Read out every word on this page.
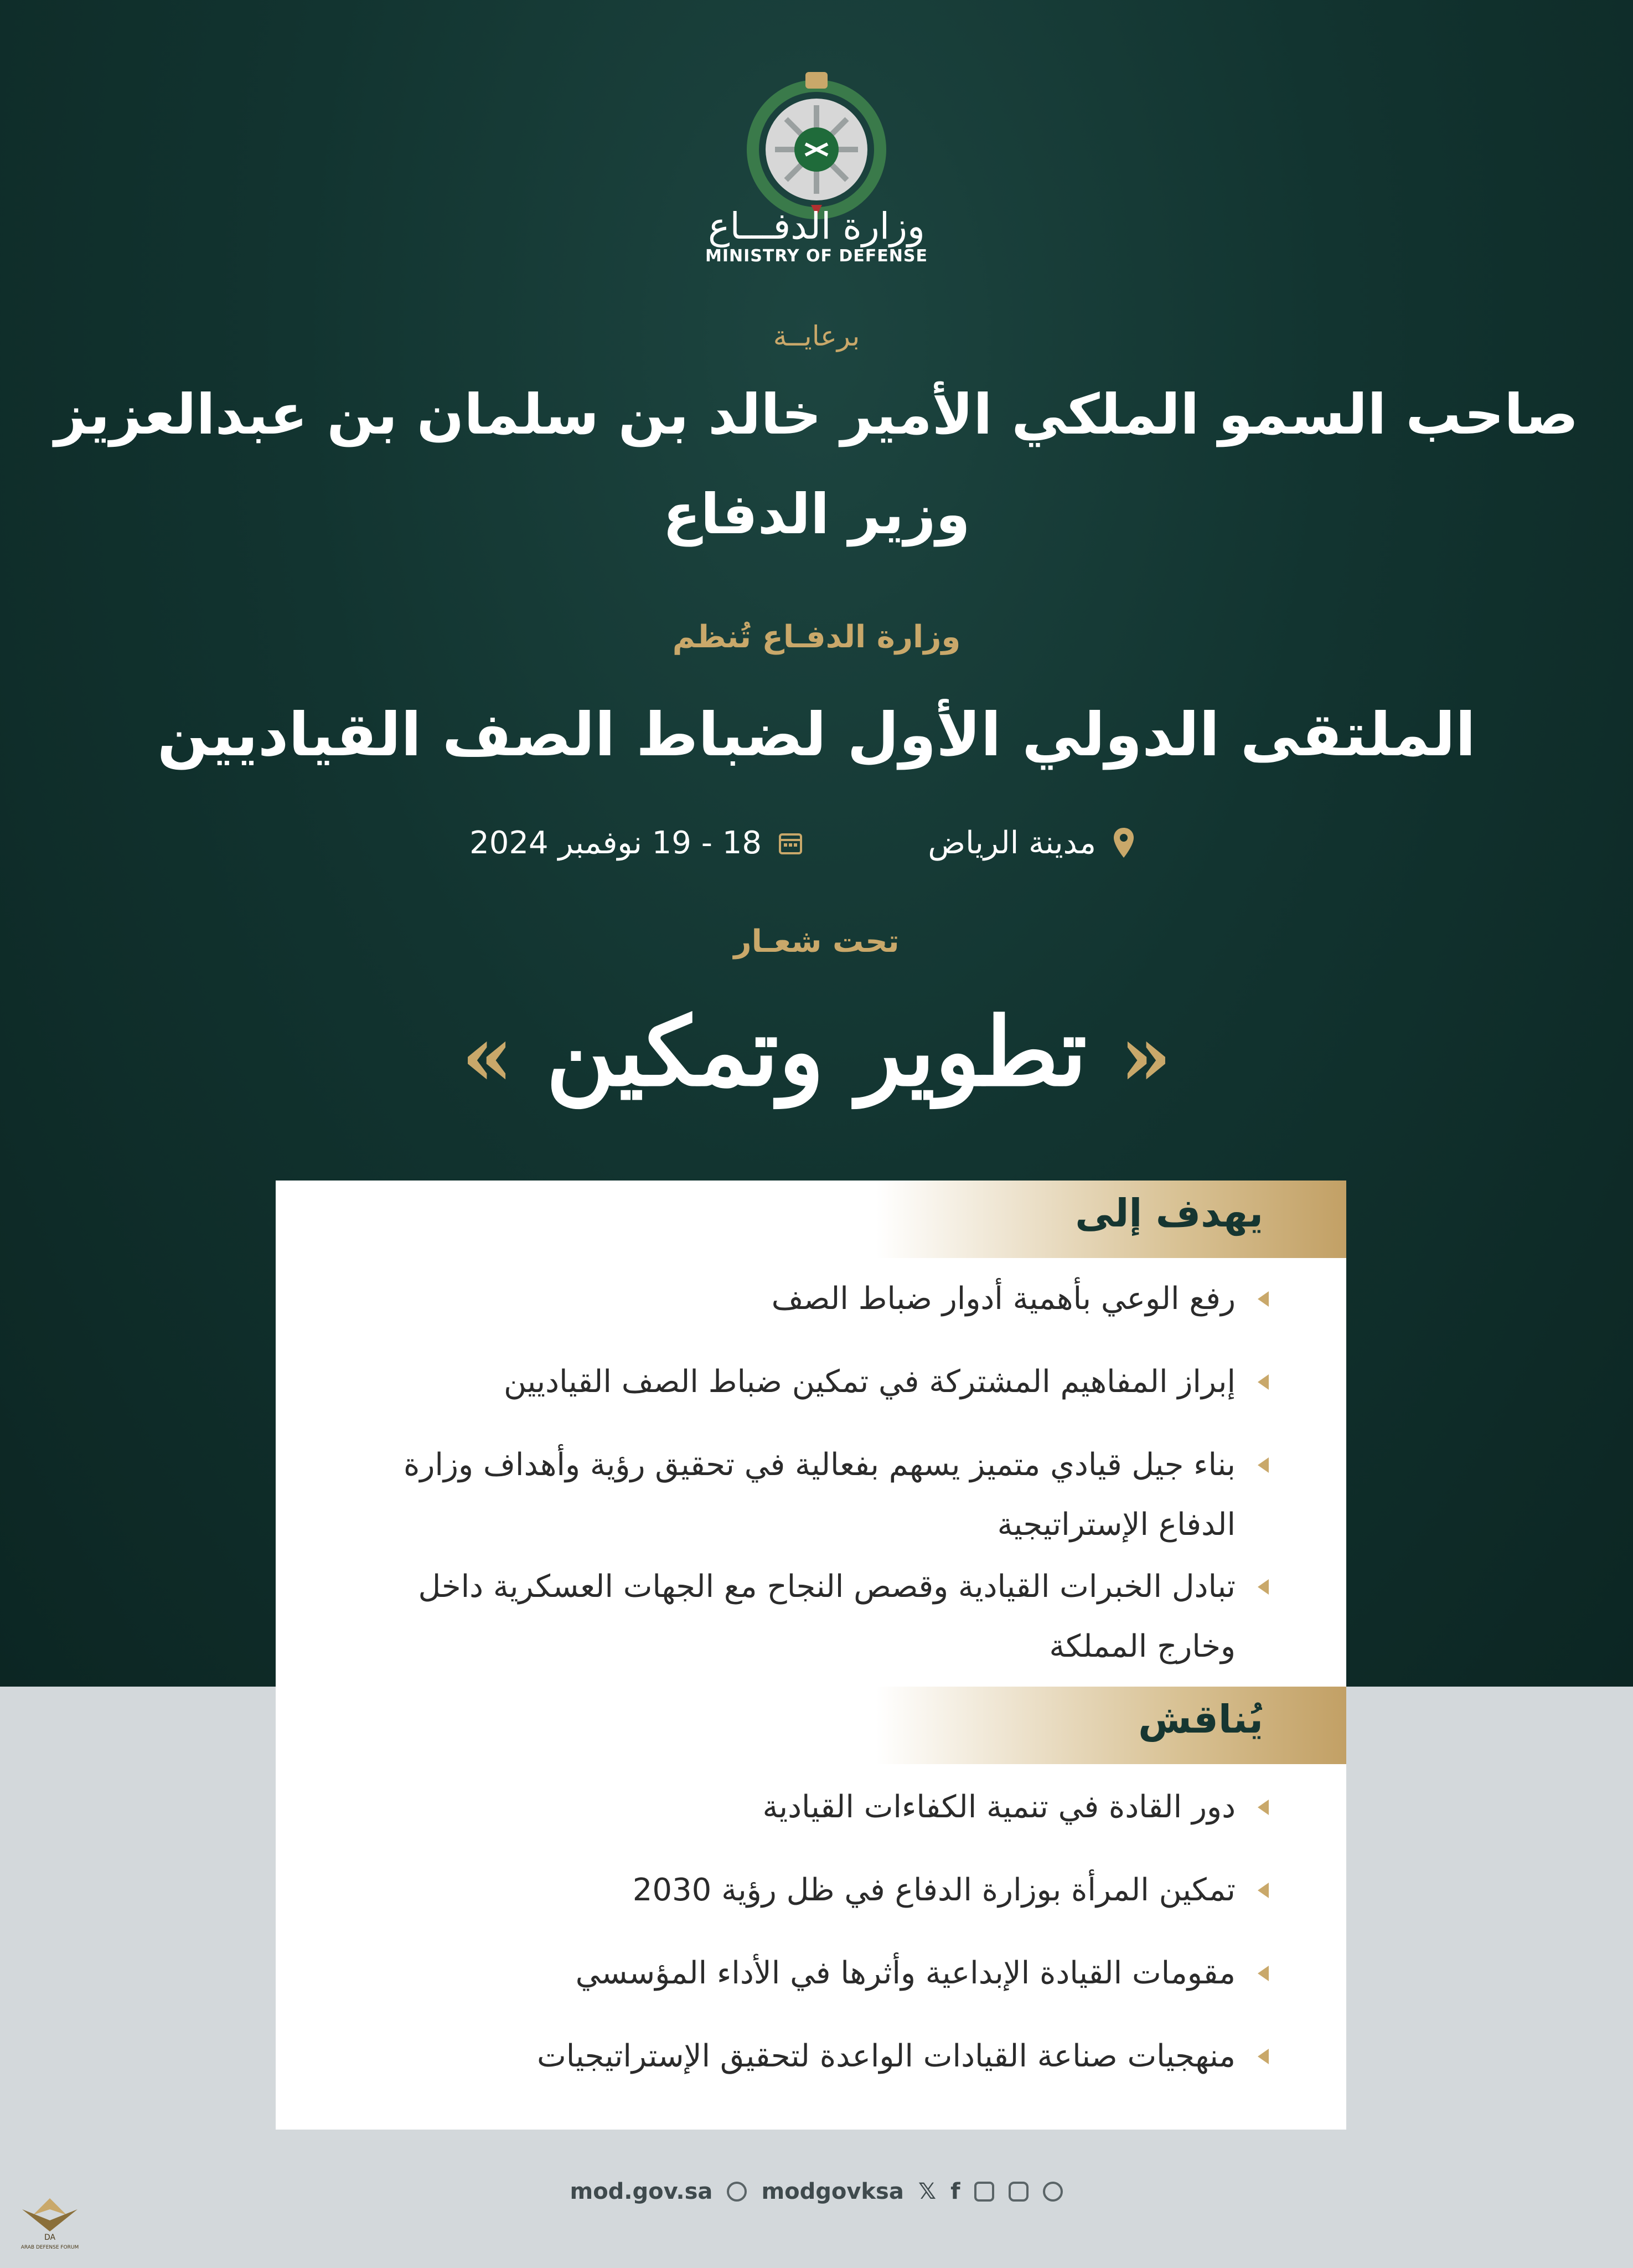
وزارة الدفـــاع
MINISTRY OF DEFENSE
برعايــة
صاحب السمو الملكي الأمير خالد بن سلمان بن عبدالعزيز
وزير الدفاع
وزارة الدفـاع تُنظم
الملتقى الدولي الأول لضباط الصف القياديين
مدينة الرياض
18 - 19 نوفمبر 2024
تحت شعـار
« تطوير وتمكين »
يهدف إلى
رفع الوعي بأهمية أدوار ضباط الصف
إبراز المفاهيم المشتركة في تمكين ضباط الصف القياديين
بناء جيل قيادي متميز يسهم بفعالية في تحقيق رؤية وأهداف وزارة الدفاع الإستراتيجية
تبادل الخبرات القيادية وقصص النجاح مع الجهات العسكرية داخل وخارج المملكة
يُناقش
دور القادة في تنمية الكفاءات القيادية
تمكين المرأة بوزارة الدفاع في ظل رؤية 2030
مقومات القيادة الإبداعية وأثرها في الأداء المؤسسي
منهجيات صناعة القيادات الواعدة لتحقيق الإستراتيجيات
mod.gov.sa modgovksa 𝕏 f
DA
ARAB DEFENSE FORUM
